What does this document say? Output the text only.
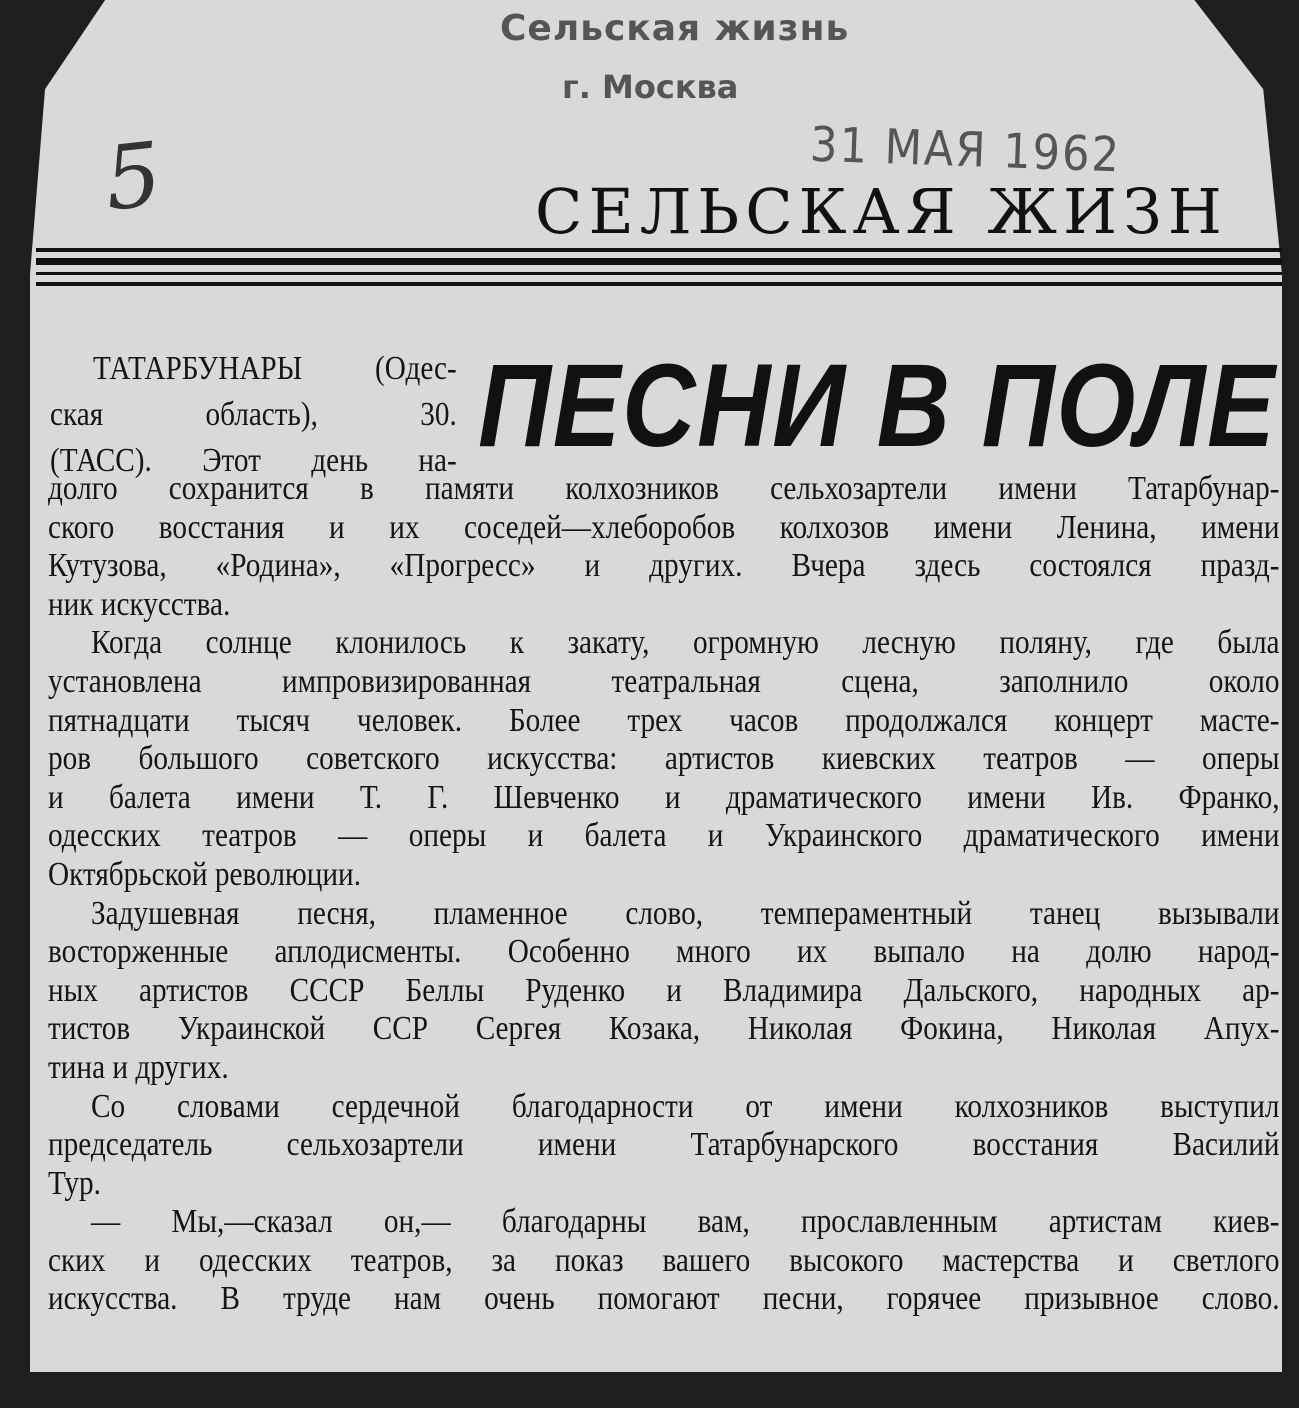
Сельская жизнь
г. Москва
31 МАЯ 1962
5	СЕЛЬСКАЯ ЖИЗН
ПЕСНИ В ПОЛЕ
ТАТАРБУНАРЫ (Одес-
ская область), 30.
(ТАСС). Этот день на-
долго сохранится в памяти колхозников сельхозартели имени Татарбунар-
ского восстания и их соседей—хлеборобов колхозов имени Ленина, имени
Кутузова, «Родина», «Прогресс» и других. Вчера здесь состоялся празд-
ник искусства.
Когда солнце клонилось к закату, огромную лесную поляну, где была
установлена импровизированная театральная сцена, заполнило около
пятнадцати тысяч человек. Более трех часов продолжался концерт масте-
ров большого советского искусства: артистов киевских театров — оперы
и балета имени Т. Г. Шевченко и драматического имени Ив. Франко,
одесских театров — оперы и балета и Украинского драматического имени
Октябрьской революции.
Задушевная песня, пламенное слово, темпераментный танец вызывали
восторженные аплодисменты. Особенно много их выпало на долю народ-
ных артистов СССР Беллы Руденко и Владимира Дальского, народных ар-
тистов Украинской ССР Сергея Козака, Николая Фокина, Николая Апух-
тина и других.
Со словами сердечной благодарности от имени колхозников выступил
председатель сельхозартели имени Татарбунарского восстания Василий
Тур.
— Мы,—сказал он,— благодарны вам, прославленным артистам киев-
ских и одесских театров, за показ вашего высокого мастерства и светлого
искусства. В труде нам очень помогают песни, горячее призывное слово.
